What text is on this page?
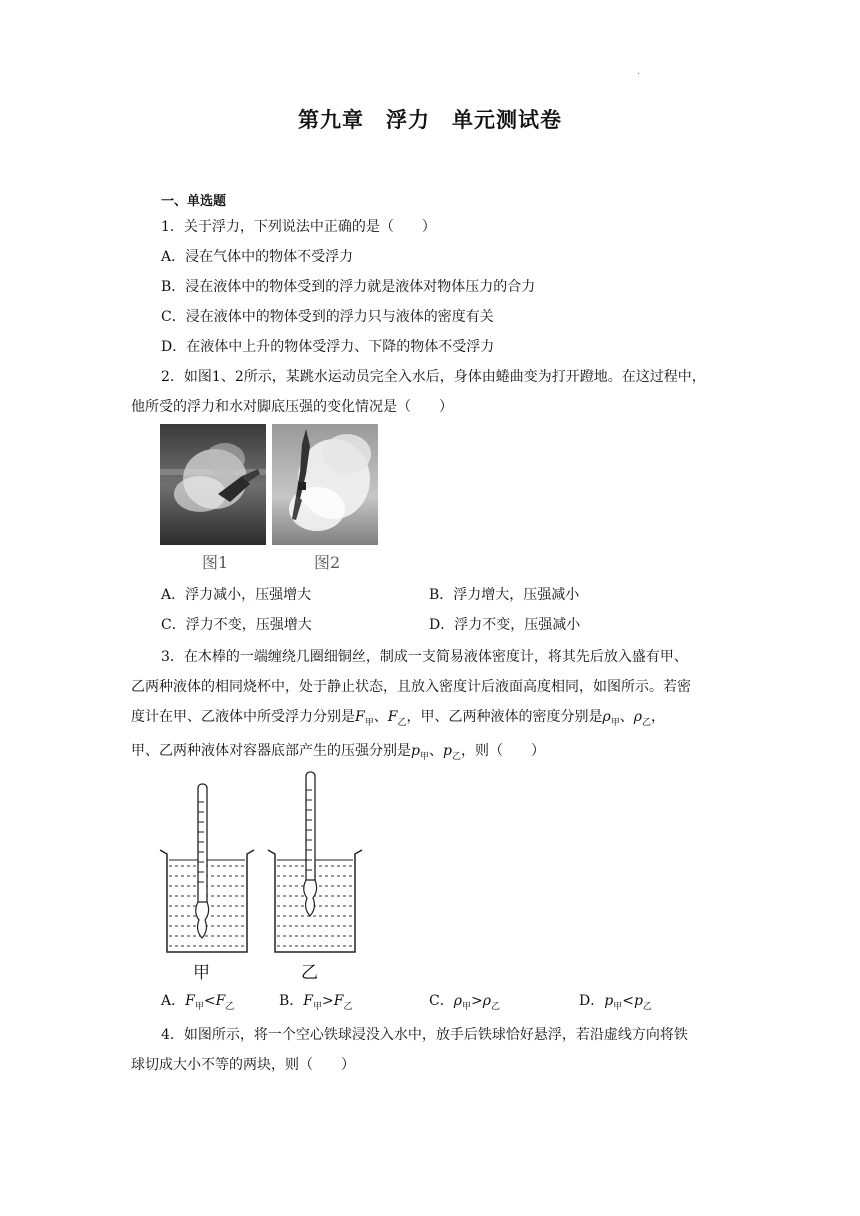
.
第九章　浮力　单元测试卷
一、单选题
1．关于浮力，下列说法中正确的是（　　）
A．浸在气体中的物体不受浮力
B．浸在液体中的物体受到的浮力就是液体对物体压力的合力
C．浸在液体中的物体受到的浮力只与液体的密度有关
D．在液体中上升的物体受浮力、下降的物体不受浮力
2．如图1、2所示，某跳水运动员完全入水后，身体由蜷曲变为打开蹬地。在这过程中，
他所受的浮力和水对脚底压强的变化情况是（　　）
图1	图2
A．浮力减小，压强增大	B．浮力增大，压强减小
C．浮力不变，压强增大	D．浮力不变，压强减小
3．在木棒的一端缠绕几圈细铜丝，制成一支简易液体密度计，将其先后放入盛有甲、
乙两种液体的相同烧杯中，处于静止状态，且放入密度计后液面高度相同，如图所示。若密
度计在甲、乙液体中所受浮力分别是$F_甲$、$F_乙$，甲、乙两种液体的密度分别是$\rho_甲$、$\rho_乙$，
甲、乙两种液体对容器底部产生的压强分别是$p_甲$、$p_乙$，则（　　）
甲	乙
A．$F_甲<F_乙$	B．$F_甲>F_乙$	C．$\rho_甲>\rho_乙$	D．$p_甲<p_乙$
4．如图所示，将一个空心铁球浸没入水中，放手后铁球恰好悬浮，若沿虚线方向将铁
球切成大小不等的两块，则（　　）
